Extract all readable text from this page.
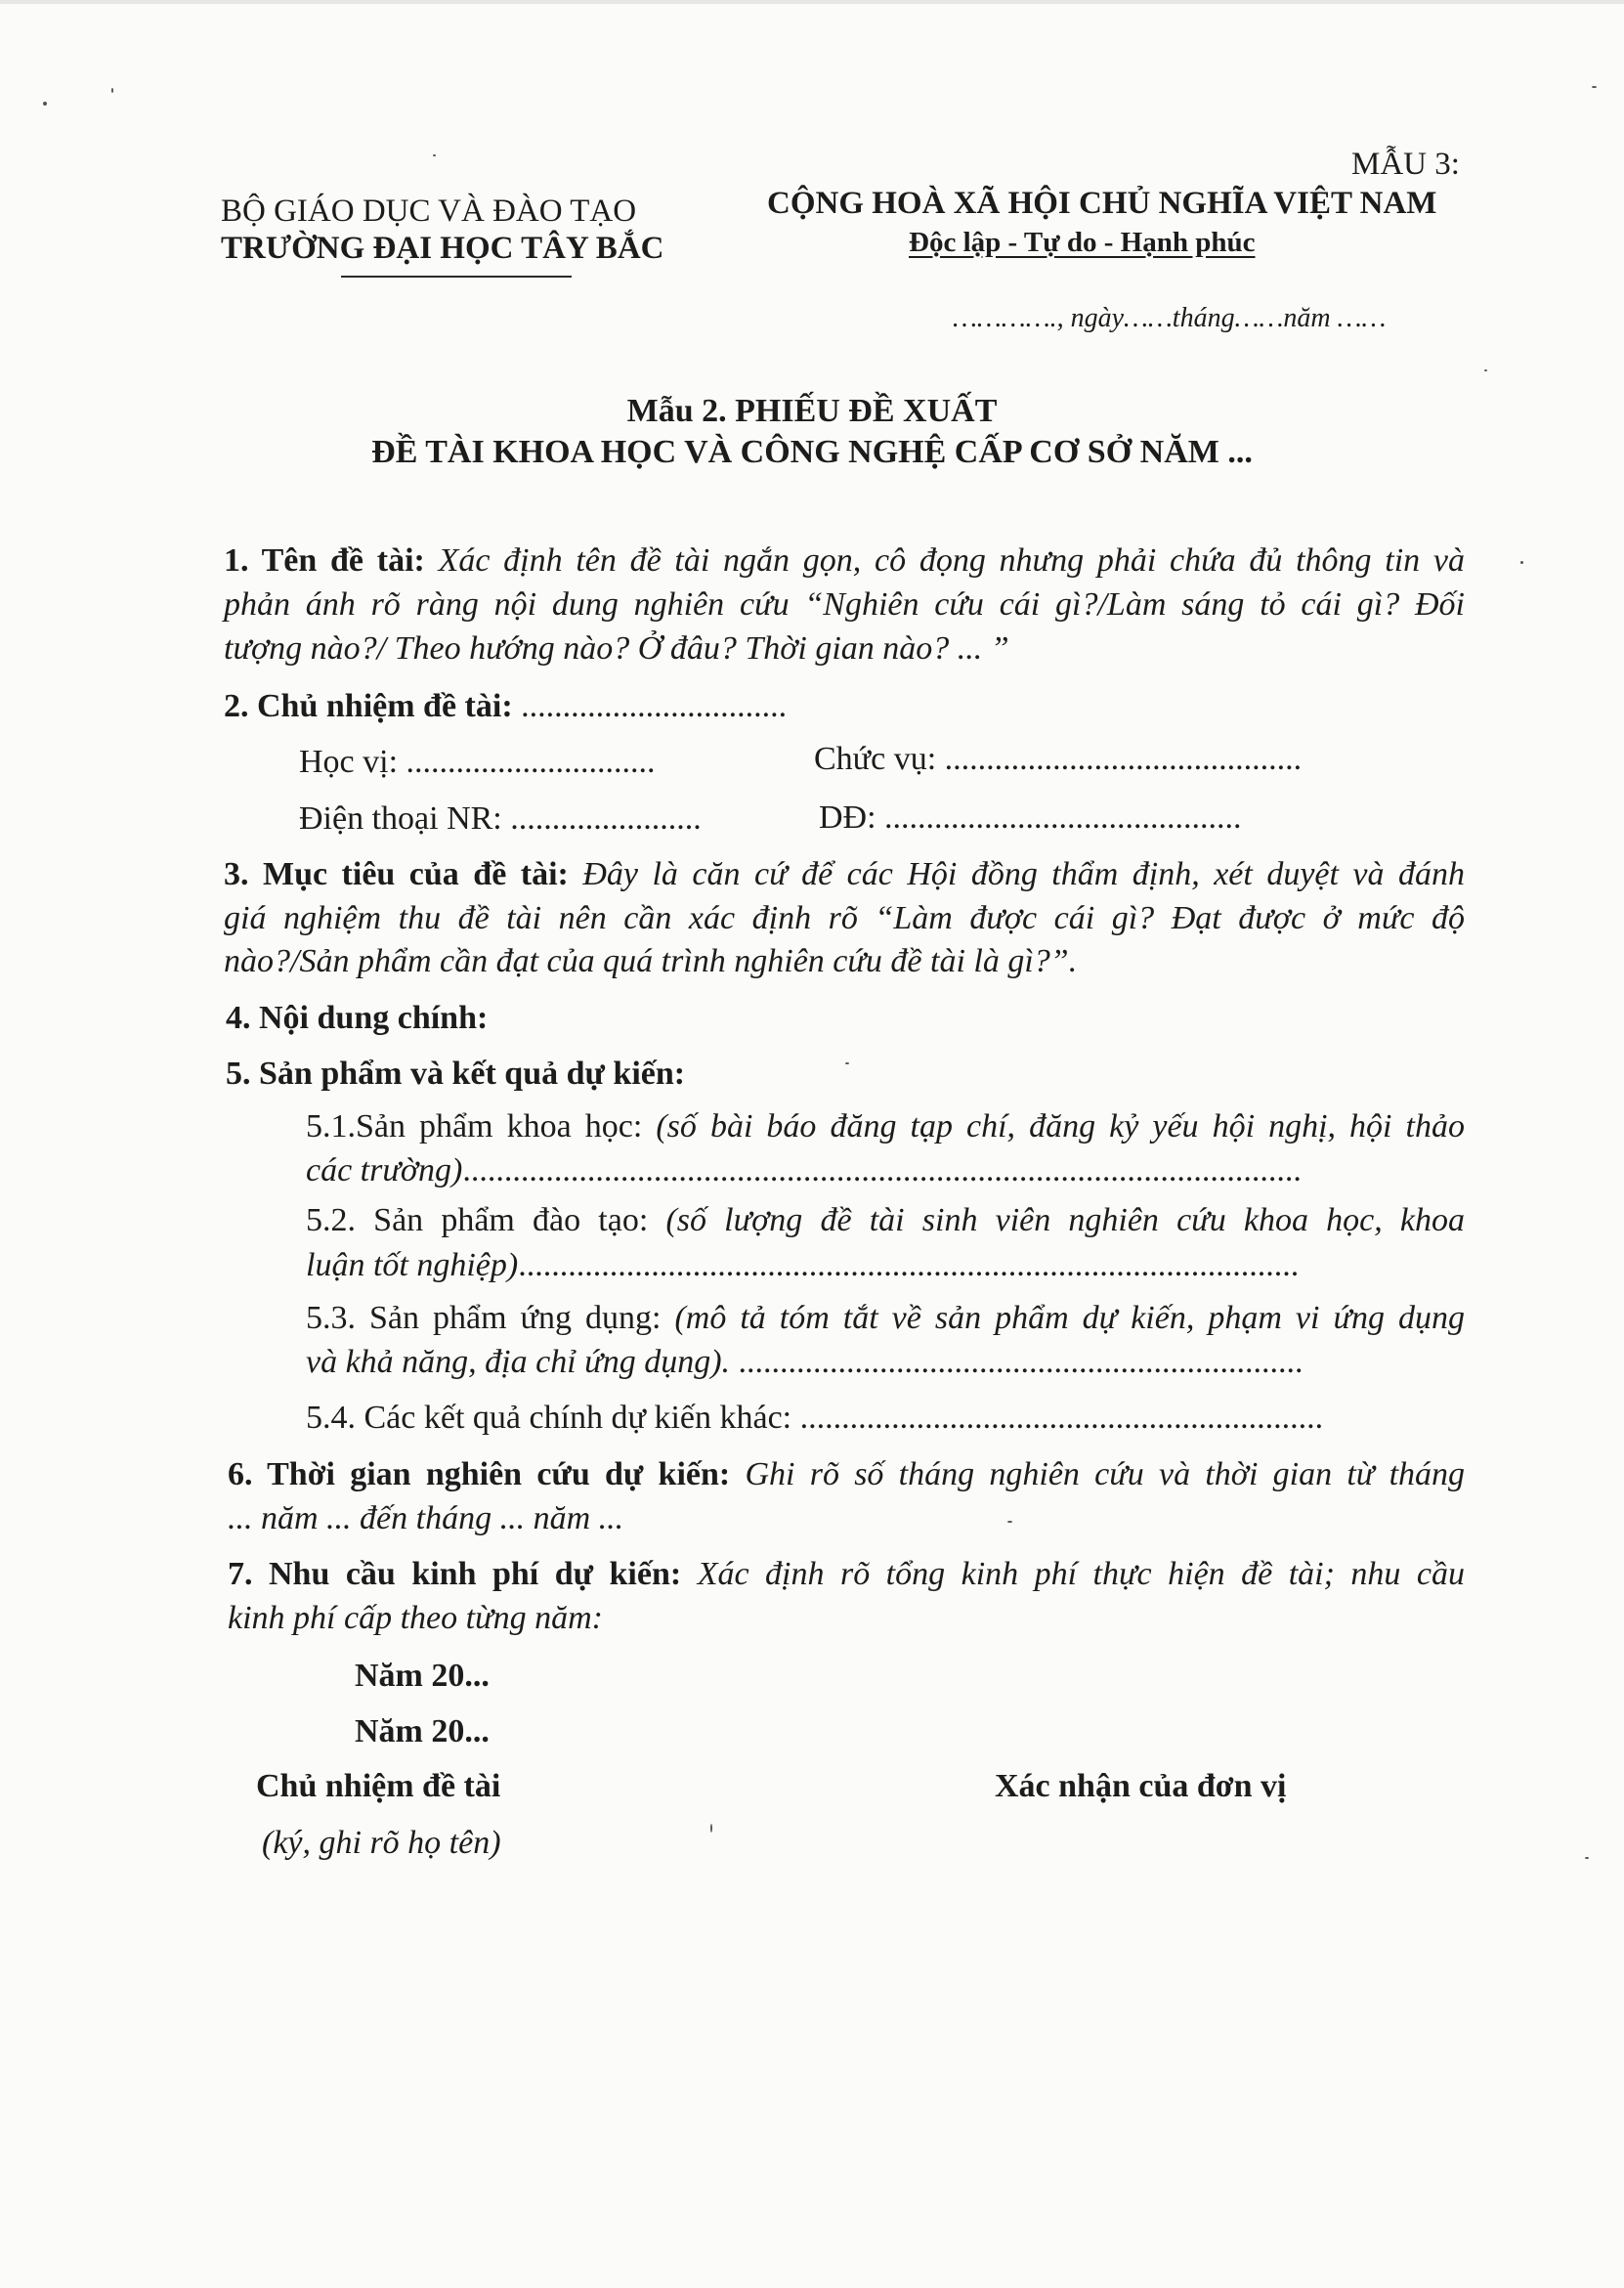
MẪU 3:
BỘ GIÁO DỤC VÀ ĐÀO TẠO
TRƯỜNG ĐẠI HỌC TÂY BẮC
CỘNG HOÀ XÃ HỘI CHỦ NGHĨA VIỆT NAM
Độc lập - Tự do - Hạnh phúc
…………., ngày……tháng……năm ……
Mẫu 2. PHIẾU ĐỀ XUẤT
ĐỀ TÀI KHOA HỌC VÀ CÔNG NGHỆ CẤP CƠ SỞ NĂM ...
1. Tên đề tài: Xác định tên đề tài ngắn gọn, cô đọng nhưng phải chứa đủ thông tin và
phản ánh rõ ràng nội dung nghiên cứu “Nghiên cứu cái gì?/Làm sáng tỏ cái gì? Đối
tượng nào?/ Theo hướng nào? Ở đâu? Thời gian nào? ... ”
2. Chủ nhiệm đề tài: ................................
Học vị: ..............................	Chức vụ: ...........................................
Điện thoại NR: .......................	DĐ: ...........................................
3. Mục tiêu của đề tài: Đây là căn cứ để các Hội đồng thẩm định, xét duyệt và đánh
giá nghiệm thu đề tài nên cần xác định rõ “Làm được cái gì? Đạt được ở mức độ
nào?/Sản phẩm cần đạt của quá trình nghiên cứu đề tài là gì?”.
4. Nội dung chính:
5. Sản phẩm và kết quả dự kiến:
5.1.Sản phẩm khoa học: (số bài báo đăng tạp chí, đăng kỷ yếu hội nghị, hội thảo
các trường).....................................................................................................
5.2. Sản phẩm đào tạo: (số lượng đề tài sinh viên nghiên cứu khoa học, khoa
luận tốt nghiệp)..............................................................................................
5.3. Sản phẩm ứng dụng: (mô tả tóm tắt về sản phẩm dự kiến, phạm vi ứng dụng
và khả năng, địa chỉ ứng dụng). ....................................................................
5.4. Các kết quả chính dự kiến khác: ...............................................................
6. Thời gian nghiên cứu dự kiến: Ghi rõ số tháng nghiên cứu và thời gian từ tháng
... năm ... đến tháng ... năm ...
7. Nhu cầu kinh phí dự kiến: Xác định rõ tổng kinh phí thực hiện đề tài; nhu cầu
kinh phí cấp theo từng năm:
Năm 20...
Năm 20...
Chủ nhiệm đề tài
(ký, ghi rõ họ tên)
Xác nhận của đơn vị
